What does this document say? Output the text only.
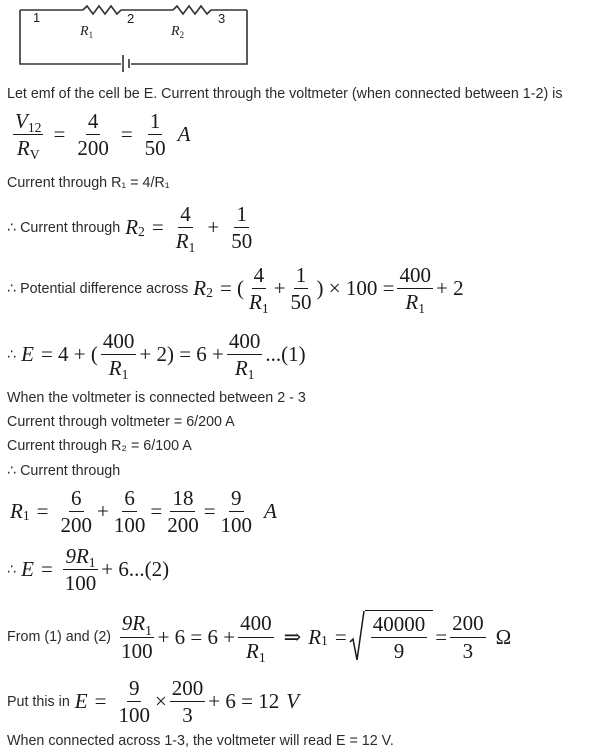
1	2	3
$R_1$	$R_2$
Let emf of the cell be E. Current through the voltmeter (when connected between 1-2) is
$\frac{V_{12}}{R_V} = \frac{4}{200} = \frac{1}{50}$ A
Current through R₁ = 4/R₁
∴ Current through R $2 = \frac{4}{R_1} + \frac{1}{50}$
∴ Potential difference across R 2 = ( $\frac{4}{R_1} + \frac{1}{50}$ ) × $100 = \frac{400}{R_1} + 2$
∴ E = 4 + ( $\frac{400}{R_1} + 2) = 6 + \frac{400}{R_1} ...(1)$
When the voltmeter is connected between 2 - 3
Current through voltmeter = 6/200 A
Current through R₂ = 6/100 A
∴ Current through
R $1 = \frac{6}{200} + \frac{6}{100} = \frac{18}{200} = \frac{9}{100}$ A
∴ $E = \frac{9R_1}{100} + 6...(2)$
From (1) and $(2) \frac{9R_1}{100} + 6 = 6 + \frac{400}{R_1}$ ⇒ R $1 = \frac{40000}{9} = \frac{200}{3}$ Ω
Put this in $E = \frac{9}{100} \times \frac{200}{3} + 6 = 12$ V
When connected across 1-3, the voltmeter will read E = 12 V.
